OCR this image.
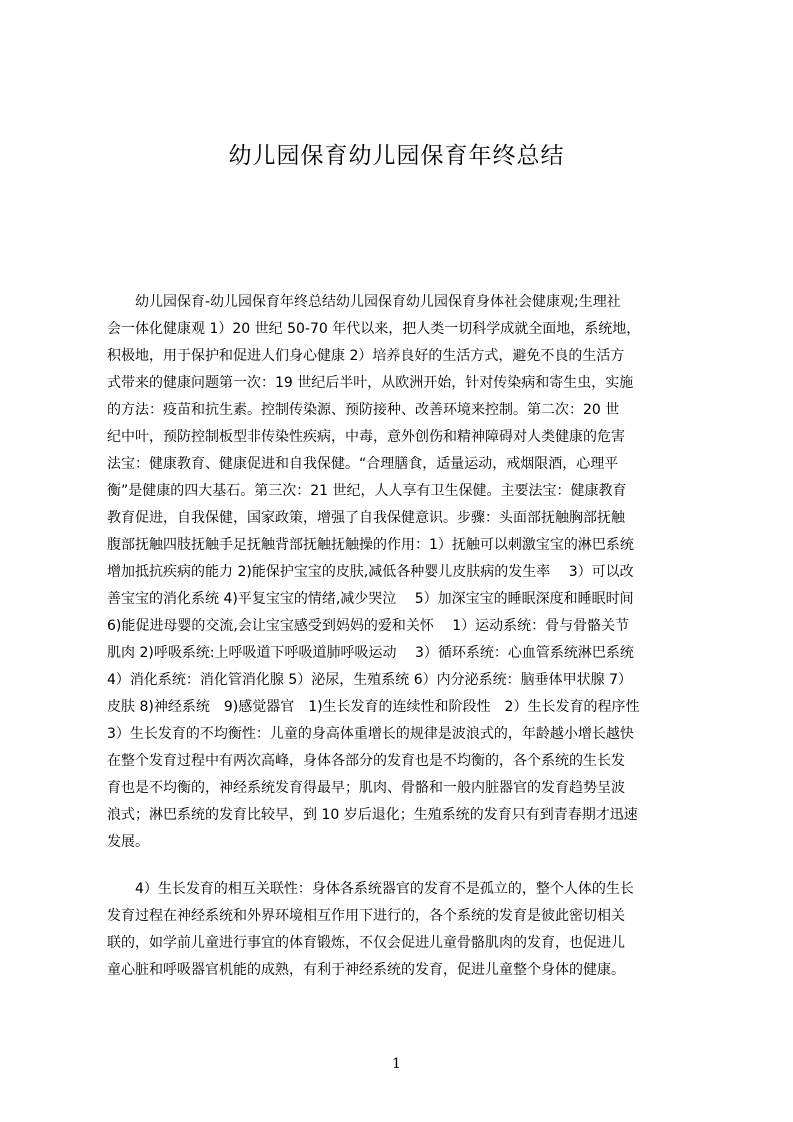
幼儿园保育幼儿园保育年终总结
　　幼儿园保育-幼儿园保育年终总结幼儿园保育幼儿园保育身体社会健康观;生理社
会一体化健康观 1）20 世纪 50-70 年代以来，把人类一切科学成就全面地，系统地，
积极地，用于保护和促进人们身心健康 2）培养良好的生活方式，避免不良的生活方
式带来的健康问题第一次：19 世纪后半叶，从欧洲开始，针对传染病和寄生虫，实施
的方法：疫苗和抗生素。控制传染源、预防接种、改善环境来控制。第二次：20 世
纪中叶，预防控制板型非传染性疾病，中毒，意外创伤和精神障碍对人类健康的危害
法宝：健康教育、健康促进和自我保健。“合理膳食，适量运动，戒烟限酒，心理平
衡”是健康的四大基石。第三次：21 世纪，人人享有卫生保健。主要法宝：健康教育
教育促进，自我保健，国家政策，增强了自我保健意识。步骤：头面部抚触胸部抚触
腹部抚触四肢抚触手足抚触背部抚触抚触操的作用：1）抚触可以刺激宝宝的淋巴系统
增加抵抗疾病的能力 2)能保护宝宝的皮肤,减低各种婴儿皮肤病的发生率　 3）可以改
善宝宝的消化系统 4)平复宝宝的情绪,减少哭泣　 5）加深宝宝的睡眠深度和睡眠时间
6)能促进母婴的交流,会让宝宝感受到妈妈的爱和关怀　 1）运动系统：骨与骨骼关节
肌肉 2)呼吸系统:上呼吸道下呼吸道肺呼吸运动　 3）循环系统：心血管系统淋巴系统
4）消化系统：消化管消化腺 5）泌尿，生殖系统 6）内分泌系统：脑垂体甲状腺 7）
皮肤 8)神经系统　9)感觉器官　1)生长发育的连续性和阶段性　2）生长发育的程序性
3）生长发育的不均衡性：儿童的身高体重增长的规律是波浪式的，年龄越小增长越快
在整个发育过程中有两次高峰，身体各部分的发育也是不均衡的，各个系统的生长发
育也是不均衡的，神经系统发育得最早；肌肉、骨骼和一般内脏器官的发育趋势呈波
浪式；淋巴系统的发育比较早，到 10 岁后退化；生殖系统的发育只有到青春期才迅速
发展。
　　4）生长发育的相互关联性：身体各系统器官的发育不是孤立的，整个人体的生长
发育过程在神经系统和外界环境相互作用下进行的，各个系统的发育是彼此密切相关
联的，如学前儿童进行事宜的体育锻炼，不仅会促进儿童骨骼肌肉的发育，也促进儿
童心脏和呼吸器官机能的成熟，有利于神经系统的发育，促进儿童整个身体的健康。
1
